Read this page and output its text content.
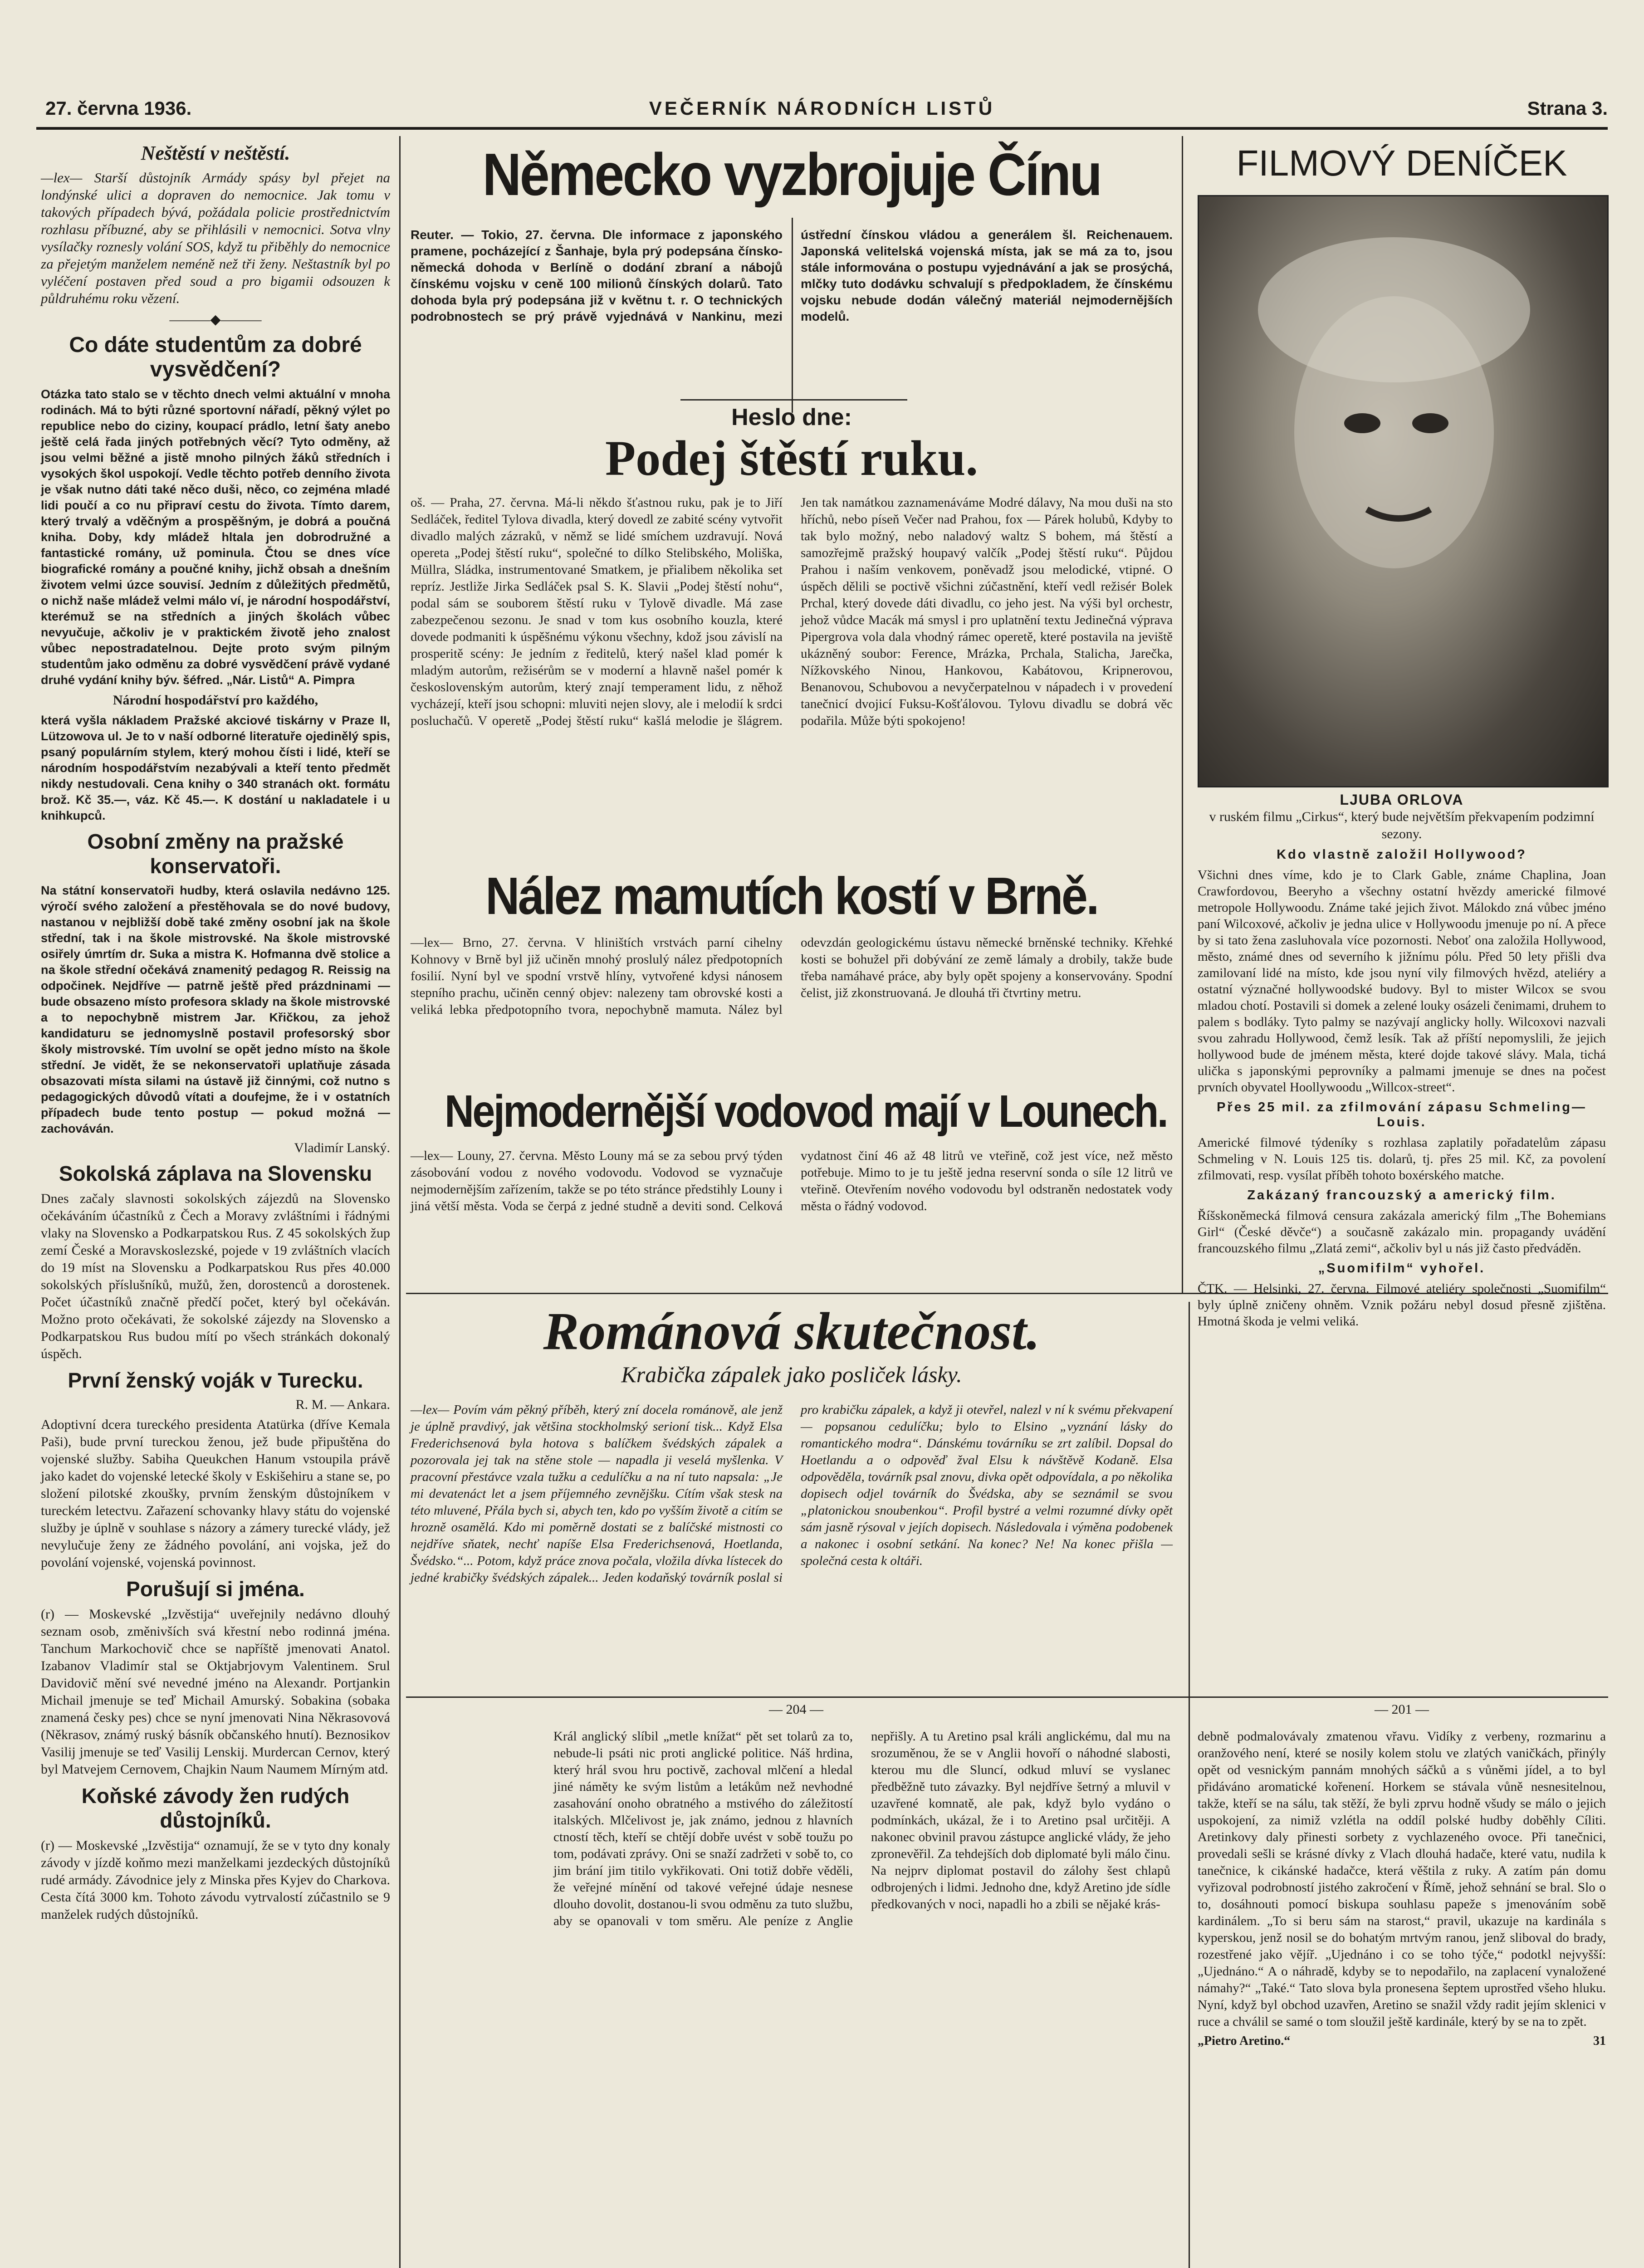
27. června 1936.	VEČERNÍK NÁRODNÍCH LISTŮ	Strana 3.
Neštěstí v neštěstí.

—lex— Starší důstojník Armády spásy byl přejet na londýnské ulici a dopraven do nemocnice. Jak tomu v takových případech bývá, požádala policie prostřednictvím rozhlasu příbuzné, aby se přihlásili v nemocnici. Sotva vlny vysílačky roznesly volání SOS, když tu přiběhly do nemocnice za přejetým manželem neméně než tři ženy. Neštastník byl po vyléčení postaven před soud a pro bigamii odsouzen k půldruhému roku vězení.

———◆———
Co dáte studentům za dobré vysvědčení?

Otázka tato stalo se v těchto dnech velmi aktuální v mnoha rodinách. Má to býti různé sportovní nářadí, pěkný výlet po republice nebo do ciziny, koupací prádlo, letní šaty anebo ještě celá řada jiných potřebných věcí? Tyto odměny, až jsou velmi běžné a jistě mnoho pilných žáků středních i vysokých škol uspokojí. Vedle těchto potřeb denního života je však nutno dáti také něco duši, něco, co zejména mladé lidi poučí a co nu připraví cestu do života. Tímto darem, který trvalý a vděčným a prospěšným, je dobrá a poučná kniha. Doby, kdy mládež hltala jen dobrodružné a fantastické romány, už pominula. Čtou se dnes více biografické romány a poučné knihy, jichž obsah a dnešním životem velmi úzce souvisí. Jedním z důležitých předmětů, o nichž naše mládež velmi málo ví, je národní hospodářství, kterémuž se na středních a jiných školách vůbec nevyučuje, ačkoliv je v praktickém životě jeho znalost vůbec nepostradatelnou. Dejte proto svým pilným studentům jako odměnu za dobré vysvědčení právě vydané druhé vydání knihy býv. šéfred. „Nár. Listů“ A. Pimpra

Národní hospodářství pro každého,

která vyšla nákladem Pražské akciové tiskárny v Praze II, Lützowova ul. Je to v naší odborné literatuře ojedinělý spis, psaný populárním stylem, který mohou čísti i lidé, kteří se národním hospodářstvím nezabývali a kteří tento předmět nikdy nestudovali. Cena knihy o 340 stranách okt. formátu brož. Kč 35.—, váz. Kč 45.—. K dostání u nakladatele i u knihkupců.

Osobní změny na pražské konservatoři.

Na státní konservatoři hudby, která oslavila nedávno 125. výročí svého založení a přestěhovala se do nové budovy, nastanou v nejbližší době také změny osobní jak na škole střední, tak i na škole mistrovské. Na škole mistrovské osiřely úmrtím dr. Suka a mistra K. Hofmanna dvě stolice a na škole střední očekává znamenitý pedagog R. Reissig na odpočinek. Nejdříve — patrně ještě před prázdninami — bude obsazeno místo profesora sklady na škole mistrovské a to nepochybně mistrem Jar. Křičkou, za jehož kandidaturu se jednomyslně postavil profesorský sbor školy mistrovské. Tím uvolní se opět jedno místo na škole střední. Je vidět, že se nekonservatoři uplatňuje zásada obsazovati místa silami na ústavě již činnými, což nutno s pedagogických důvodů vítati a doufejme, že i v ostatních případech bude tento postup — pokud možná — zachováván.

Vladimír Lanský.

Sokolská záplava na Slovensku

Dnes začaly slavnosti sokolských zájezdů na Slovensko očekáváním účastníků z Čech a Moravy zvláštními i řádnými vlaky na Slovensko a Podkarpatskou Rus. Z 45 sokolských žup zemí České a Moravskoslezské, pojede v 19 zvláštních vlacích do 19 míst na Slovensku a Podkarpatskou Rus přes 40.000 sokolských příslušníků, mužů, žen, dorostenců a dorostenek. Počet účastníků značně předčí počet, který byl očekáván. Možno proto očekávati, že sokolské zájezdy na Slovensko a Podkarpatskou Rus budou mítí po všech stránkách dokonalý úspěch.

První ženský voják v Turecku.

R. M. — Ankara.

Adoptivní dcera tureckého presidenta Atatürka (dříve Kemala Paši), bude první tureckou ženou, jež bude připuštěna do vojenské služby. Sabiha Queukchen Hanum vstoupila právě jako kadet do vojenské letecké školy v Eskišehiru a stane se, po složení pilotské zkoušky, prvním ženským důstojníkem v tureckém letectvu. Zařazení schovanky hlavy státu do vojenské služby je úplně v souhlase s názory a zámery turecké vlády, jež nevylučuje ženy ze žádného povolání, ani vojska, jež do povolání vojenské, vojenská povinnost.

Porušují si jména.

(r) — Moskevské „Izvěstija“ uveřejnily nedávno dlouhý seznam osob, změnivších svá křestní nebo rodinná jména. Tanchum Markochovič chce se napříště jmenovati Anatol. Izabanov Vladimír stal se Oktjabrjovym Valentinem. Srul Davidovič mění své nevedné jméno na Alexandr. Portjankin Michail jmenuje se teď Michail Amurský. Sobakina (sobaka znamená česky pes) chce se nyní jmenovati Nina Někrasovová (Někrasov, známý ruský básník občanského hnutí). Beznosikov Vasilij jmenuje se teď Vasilij Lenskij. Murdercan Cernov, který byl Matvejem Cernovem, Chajkin Naum Naumem Mírným atd.

Koňské závody žen rudých důstojníků.

(r) — Moskevské „Izvěstija“ oznamují, že se v tyto dny konaly závody v jízdě koňmo mezi manželkami jezdeckých důstojníků rudé armády. Závodnice jely z Minska přes Kyjev do Charkova. Cesta čítá 3000 km. Tohoto závodu vytrvalostí zúčastnilo se 9 manželek rudých důstojníků.

Německo vyzbrojuje Čínu

Reuter. — Tokio, 27. června. Dle informace z japonského pramene, pocházející z Šanhaje, byla prý podepsána čínsko-německá dohoda v Berlíně o dodání zbraní a nábojů čínskému vojsku v ceně 100 milionů čínských dolarů. Tato dohoda byla prý podepsána již v květnu t. r. O technických podrobnostech se prý právě vyjednává v Nankinu, mezi ústřední čínskou vládou a generálem šl. Reichenauem. Japonská velitelská vojenská místa, jak se má za to, jsou stále informována o postupu vyjednávání a jak se prosýchá, mlčky tuto dodávku schvalují s předpokladem, že čínskému vojsku nebude dodán válečný materiál nejmodernějších modelů.

Heslo dne:
Podej štěstí ruku.

oš. — Praha, 27. června. Má-li někdo šťastnou ruku, pak je to Jiří Sedláček, ředitel Tylova divadla, který dovedl ze zabité scény vytvořit divadlo malých zázraků, v němž se lidé smíchem uzdravují. Nová opereta „Podej štěstí ruku“, společné to dílko Stelibského, Moliška, Müllra, Sládka, instrumentované Smatkem, je přialibem několika set repríz. Jestliže Jirka Sedláček psal S. K. Slavii „Podej štěstí nohu“, podal sám se souborem štěstí ruku v Tylově divadle. Má zase zabezpečenou sezonu. Je snad v tom kus osobního kouzla, které dovede podmaniti k úspěšnému výkonu všechny, kdož jsou závislí na prosperitě scény: Je jedním z ředitelů, který našel klad pomér k mladým autorům, režisérům se v moderní a hlavně našel pomér k československým autorům, který znají temperament lidu, z něhož vycházejí, kteří jsou schopni: mluviti nejen slovy, ale i melodií k srdci posluchačů. V operetě „Podej štěstí ruku“ kašlá melodie je šlágrem. Jen tak namátkou zaznamenáváme Modré dálavy, Na mou duši na sto hříchů, nebo píseň Večer nad Prahou, fox — Párek holubů, Kdyby to tak bylo možný, nebo naladový waltz S bohem, má štěstí a samozřejmě pražský houpavý valčík „Podej štěstí ruku“. Půjdou Prahou i naším venkovem, poněvadž jsou melodické, vtipné. O úspěch dělili se poctivě všichni zúčastnění, kteří vedl režisér Bolek Prchal, který dovede dáti divadlu, co jeho jest. Na výši byl orchestr, jehož vůdce Macák má smysl i pro uplatnění textu Jedinečná výprava Pipergrova vola dala vhodný rámec operetě, které postavila na jeviště ukázněný soubor: Ference, Mrázka, Prchala, Stalicha, Jarečka, Nížkovského Ninou, Hankovou, Kabátovou, Kripnerovou, Benanovou, Schubovou a nevyčerpatelnou v nápadech i v provedení tanečnicí dvojicí Fuksu-Košťálovou. Tylovu divadlu se dobrá věc podařila. Může býti spokojeno!

Nález mamutích kostí v Brně.

—lex— Brno, 27. června. V hliništích vrstvách parní cihelny Kohnovy v Brně byl již učiněn mnohý proslulý nález předpotopních fosilií. Nyní byl ve spodní vrstvě hlíny, vytvořené kdysi nánosem stepního prachu, učiněn cenný objev: nalezeny tam obrovské kosti a veliká lebka předpotopního tvora, nepochybně mamuta. Nález byl odevzdán geologickému ústavu německé brněnské techniky. Křehké kosti se bohužel při dobývání ze země lámaly a drobily, takže bude třeba namáhavé práce, aby byly opět spojeny a konservovány. Spodní čelist, již zkonstruovaná. Je dlouhá tři čtvrtiny metru.

Nejmodernější vodovod mají v Lounech.

—lex— Louny, 27. června. Město Louny má se za sebou prvý týden zásobování vodou z nového vodovodu. Vodovod se vyznačuje nejmodernějším zařízením, takže se po této stránce předstihly Louny i jiná větší města. Voda se čerpá z jedné studně a deviti sond. Celková vydatnost činí 46 až 48 litrů ve vteřině, což jest více, než město potřebuje. Mimo to je tu ještě jedna reservní sonda o síle 12 litrů ve vteřině. Otevřením nového vodovodu byl odstraněn nedostatek vody města o řádný vodovod.

Románová skutečnost.
Krabička zápalek jako posliček lásky.

—lex— Povím vám pěkný příběh, který zní docela románově, ale jenž je úplně pravdivý, jak většina stockholmský serioní tisk... Když Elsa Frederichsenová byla hotova s balíčkem švédských zápalek a pozorovala jej tak na stěne stole — napadla ji veselá myšlenka. V pracovní přestávce vzala tužku a cedulíčku a na ní tuto napsala: „Je mi devatenáct let a jsem příjemného zevnějšku. Cítím však stesk na této mluvené, Přála bych si, abych ten, kdo po vyšším životě a citím se hrozně osamělá. Kdo mi poměrně dostati se z balíčské mistnosti co nejdříve sňatek, nechť napíše Elsa Frederichsenová, Hoetlanda, Švédsko.“... Potom, když práce znova počala, vložila dívka lístecek do jedné krabičky švédských zápalek... Jeden kodaňský továrník poslal si pro krabičku zápalek, a když ji otevřel, nalezl v ní k svému překvapení — popsanou cedulíčku; bylo to Elsino „vyznání lásky do romantického modra“. Dánskému továrníku se zrt zalíbil. Dopsal do Hoetlandu a o odpověď žval Elsu k návštěvě Kodaně. Elsa odpověděla, továrník psal znovu, divka opět odpovídala, a po několika dopisech odjel továrník do Švédska, aby se seznámil se svou „platonickou snoubenkou“. Profil bystré a velmi rozumné dívky opět sám jasně rýsoval v jejích dopisech. Následovala i výměna podobenek a nakonec i osobní setkání. Na konec? Ne! Na konec přišla — společná cesta k oltáři.

FILMOVÝ DENÍČEK
LJUBA ORLOVA

v ruském filmu „Cirkus“, který bude největším překvapením podzimní sezony.

Kdo vlastně založil Hollywood?

Všichni dnes víme, kdo je to Clark Gable, známe Chaplina, Joan Crawfordovou, Beeryho a všechny ostatní hvězdy americké filmové metropole Hollywoodu. Známe také jejich život. Málokdo zná vůbec jméno paní Wilcoxové, ačkoliv je jedna ulice v Hollywoodu jmenuje po ní. A přece by si tato žena zasluhovala více pozornosti. Neboť ona založila Hollywood, město, známé dnes od severního k jižnímu pólu. Před 50 lety přišli dva zamilovaní lidé na místo, kde jsou nyní vily filmových hvězd, ateliéry a ostatní význačné hollywoodské budovy. Byl to mister Wilcox se svou mladou chotí. Postavili si domek a zelené louky osázeli čenimami, druhem to palem s bodláky. Tyto palmy se nazývají anglicky holly. Wilcoxovi nazvali svou zahradu Hollywood, čemž lesík. Tak až příští nepomyslili, že jejich hollywood bude de jménem města, které dojde takové slávy. Mala, tichá ulička s japonskými peprovníky a palmami jmenuje se dnes na počest prvních obyvatel Hoollywoodu „Willcox-street“.

Přes 25 mil. za zfilmování zápasu Schmeling—Louis.

Americké filmové týdeníky s rozhlasa zaplatily pořadatelům zápasu Schmeling v N. Louis 125 tis. dolarů, tj. přes 25 mil. Kč, za povolení zfilmovati, resp. vysílat příběh tohoto boxérského matche.

Zakázaný francouzský a americký film.

Říšskoněmecká filmová censura zakázala americký film „The Bohemians Girl“ (České děvče“) a současně zakázalo min. propagandy uvádění francouzského filmu „Zlatá zemi“, ačkoliv byl u nás již často předváděn.

„Suomifilm“ vyhořel.

ČTK. — Helsinki, 27. června. Filmové ateliéry společnosti „Suomifilm“ byly úplně zničeny ohněm. Vznik požáru nebyl dosud přesně zjištěna. Hmotná škoda je velmi veliká.

— 204 —	— 201 —

Král anglický slíbil „metle knížat“ pět set tolarů za to, nebude-li psáti nic proti anglické politice. Náš hrdina, který hrál svou hru poctivě, zachoval mlčení a hledal jiné náměty ke svým listům a letákům než nevhodné zasahování onoho obratného a mstivého do záležitostí italských. Mlčelivost je, jak známo, jednou z hlavních ctností těch, kteří se chtějí dobře uvést v sobě toužu po tom, podávati zprávy. Oni se snaží zadržeti v sobě to, co jim brání jim titilo vykřikovati. Oni totiž dobře věděli, že veřejné mínění od takové veřejné údaje nesnese dlouho dovolit, dostanou-li svou odměnu za tuto službu, aby se opanovali v tom směru. Ale peníze z Anglie nepřišly. A tu Aretino psal králi anglickému, dal mu na srozuměnou, že se v Anglii hovoří o náhodné slabosti, kterou mu dle Sluncí, odkud mluví se vyslanec předběžně tuto závazky. Byl nejdříve šetrný a mluvil v uzavřené komnatě, ale pak, když bylo vydáno o podmínkách, ukázal, že i to Aretino psal určitěji. A nakonec obvinil pravou zástupce anglické vlády, že jeho zpronevěřil. Za tehdejších dob diplomaté byli málo činu. Na nejprv diplomat postavil do zálohy šest chlapů odbrojených i lidmi. Jednoho dne, když Aretino jde sídle předkovaných v noci, napadli ho a zbili se nějaké krás-

debně podmalovávaly zmatenou vřavu. Vidíky z verbeny, rozmarinu a oranžového není, které se nosily kolem stolu ve zlatých vaničkách, přinýly opět od vesnickým pannám mnohých sáčků a s vůněmi jídel, a to byl přidáváno aromatické kořenení. Horkem se stávala vůně nesnesitelnou, takže, kteří se na sálu, tak stěží, že byli zprvu hodně všudy se málo o jejich uspokojení, za nimiž vzlétla na oddíl polské hudby doběhly Cíliti. Aretinkovy daly přinesti sorbety z vychlazeného ovoce. Při tanečnici, provedali sešli se krásné dívky z Vlach dlouhá hadače, které vatu, nudila k tanečnice, k cikánské hadačce, která věštila z ruky. A zatím pán domu vyřizoval podrobností jistého zakročení v Římě, jehož sehnání se bral. Slo o to, dosáhnouti pomocí biskupa souhlasu papeže s jmenováním sobě kardinálem. „To si beru sám na starost,“ pravil, ukazuje na kardinála s kyperskou, jenž nosil se do bohatým mrtvým ranou, jenž sliboval do brady, rozestřené jako vějíř. „Ujednáno i co se toho týče,“ podotkl nejvyšší: „Ujednáno.“ A o náhradě, kdyby se to nepodařilo, na zaplacení vynaložené námahy?“ „Také.“ Tato slova byla pronesena šeptem uprostřed všeho hluku. Nyní, když byl obchod uzavřen, Aretino se snažil vždy radit jejím sklenici v ruce a chválil se samé o tom sloužil ještě kardinále, který by se na to zpět.

„Pietro Aretino.“	31
